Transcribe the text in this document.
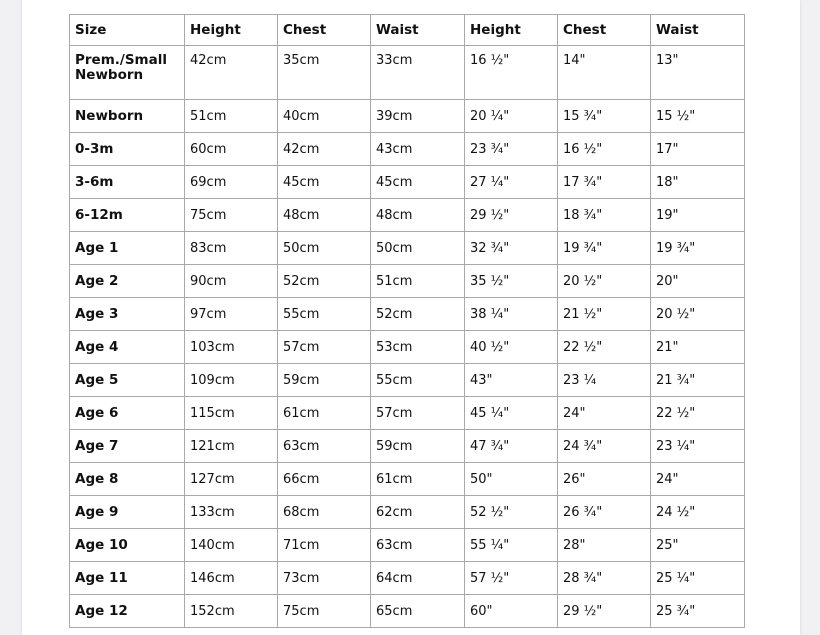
Size	Height	Chest	Waist	Height	Chest	Waist

Prem./Small
Newborn	42cm	35cm	33cm	16 ½"	14"	13"

Newborn	51cm	40cm	39cm	20 ¼"	15 ¾"	15 ½"

0-3m	60cm	42cm	43cm	23 ¾"	16 ½"	17"

3-6m	69cm	45cm	45cm	27 ¼"	17 ¾"	18"

6-12m	75cm	48cm	48cm	29 ½"	18 ¾"	19"

Age 1	83cm	50cm	50cm	32 ¾"	19 ¾"	19 ¾"

Age 2	90cm	52cm	51cm	35 ½"	20 ½"	20"

Age 3	97cm	55cm	52cm	38 ¼"	21 ½"	20 ½"

Age 4	103cm	57cm	53cm	40 ½"	22 ½"	21"

Age 5	109cm	59cm	55cm	43"	23 ¼	21 ¾"

Age 6	115cm	61cm	57cm	45 ¼"	24"	22 ½"

Age 7	121cm	63cm	59cm	47 ¾"	24 ¾"	23 ¼"

Age 8	127cm	66cm	61cm	50"	26"	24"

Age 9	133cm	68cm	62cm	52 ½"	26 ¾"	24 ½"

Age 10	140cm	71cm	63cm	55 ¼"	28"	25"

Age 11	146cm	73cm	64cm	57 ½"	28 ¾"	25 ¼"

Age 12	152cm	75cm	65cm	60"	29 ½"	25 ¾"
